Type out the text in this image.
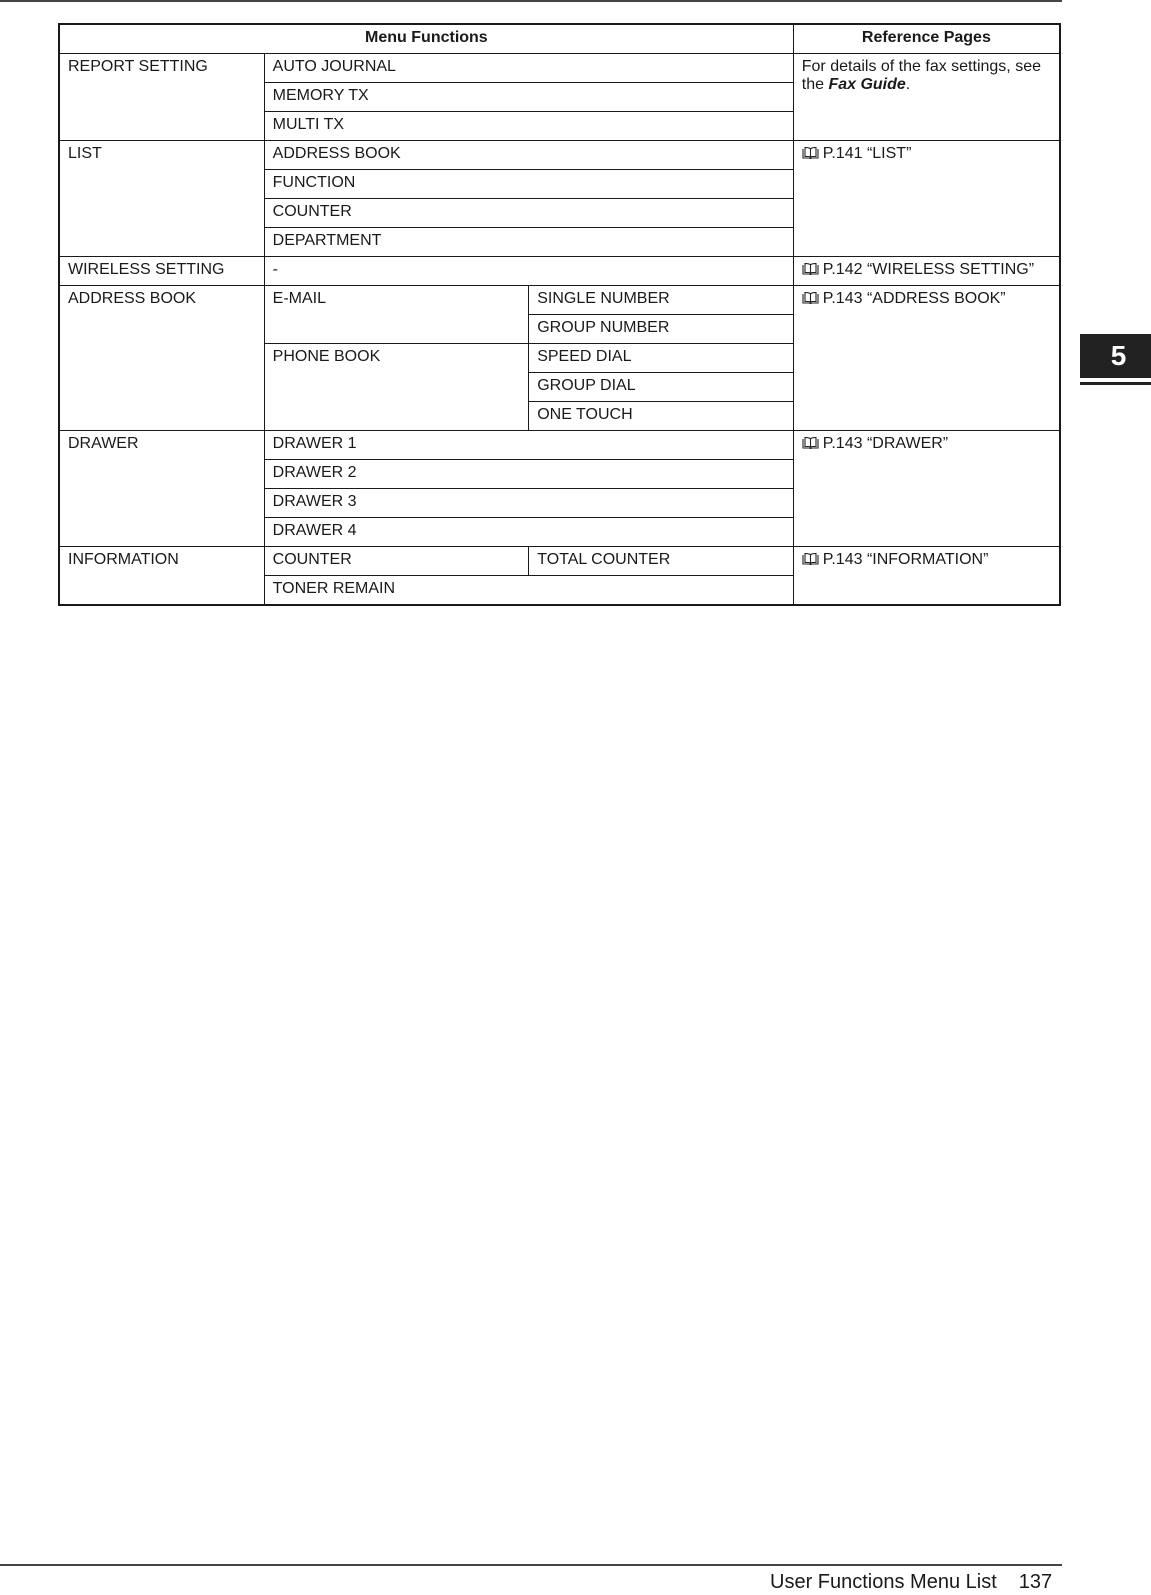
Menu Functions			Reference Pages
REPORT SETTING	AUTO JOURNAL		For details of the fax settings, see the Fax Guide.
	MEMORY TX		
	MULTI TX		
LIST	ADDRESS BOOK		P.141 “LIST”
	FUNCTION		
	COUNTER		
	DEPARTMENT		
WIRELESS SETTING	-		P.142 “WIRELESS SETTING”
ADDRESS BOOK	E-MAIL	SINGLE NUMBER	P.143 “ADDRESS BOOK”
		GROUP NUMBER	
	PHONE BOOK	SPEED DIAL	
		GROUP DIAL	
		ONE TOUCH	
DRAWER	DRAWER 1		P.143 “DRAWER”
	DRAWER 2		
	DRAWER 3		
	DRAWER 4		
INFORMATION	COUNTER	TOTAL COUNTER	P.143 “INFORMATION”
	TONER REMAIN		
5
User Functions Menu List 137
